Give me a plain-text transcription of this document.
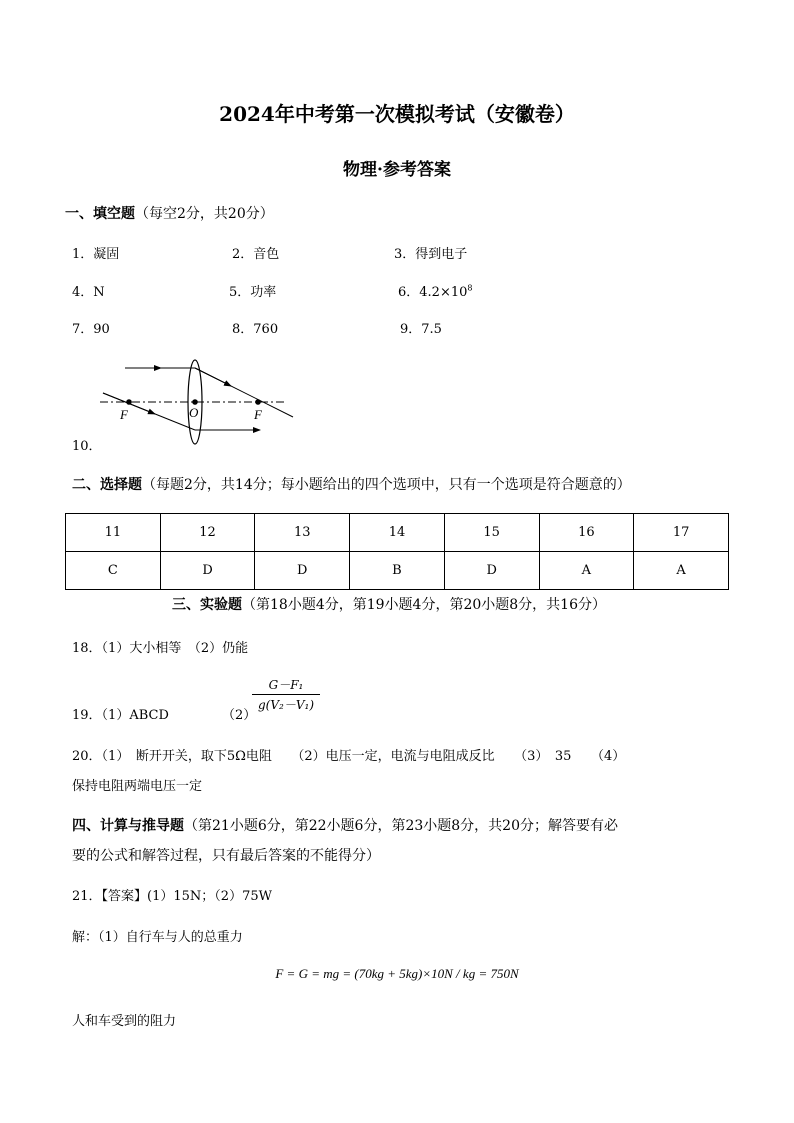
2024年中考第一次模拟考试（安徽卷）
物理·参考答案
一、填空题（每空2分，共20分）
1．凝固	2．音色	3．得到电子
4．N	5．功率	6．$4.2\times 10^8$
7．90	8．760	9．7.5
F	O	F
10．
二、选择题（每题2分，共14分；每小题给出的四个选项中，只有一个选项是符合题意的）
11	12	13	14	15	16	17
C	D	D	B	D	A	A
三、实验题（第18小题4分，第19小题4分，第20小题8分，共16分）
18．（1）大小相等　（2）仍能
19．（1）ABCD	（2）
G－F₁
g(V₂－V₁)
20．（1）　断开开关，取下5Ω电阻　　（2）电压一定，电流与电阻成反比　　（3）　35　　（4）
保持电阻两端电压一定
四、计算与推导题（第21小题6分，第22小题6分，第23小题8分，共20分；解答要有必
要的公式和解答过程，只有最后答案的不能得分）
21．【答案】(1）15N；（2）75W
解：（1）自行车与人的总重力
F = G = mg = (70kg + 5kg)×10N / kg = 750N
人和车受到的阻力
